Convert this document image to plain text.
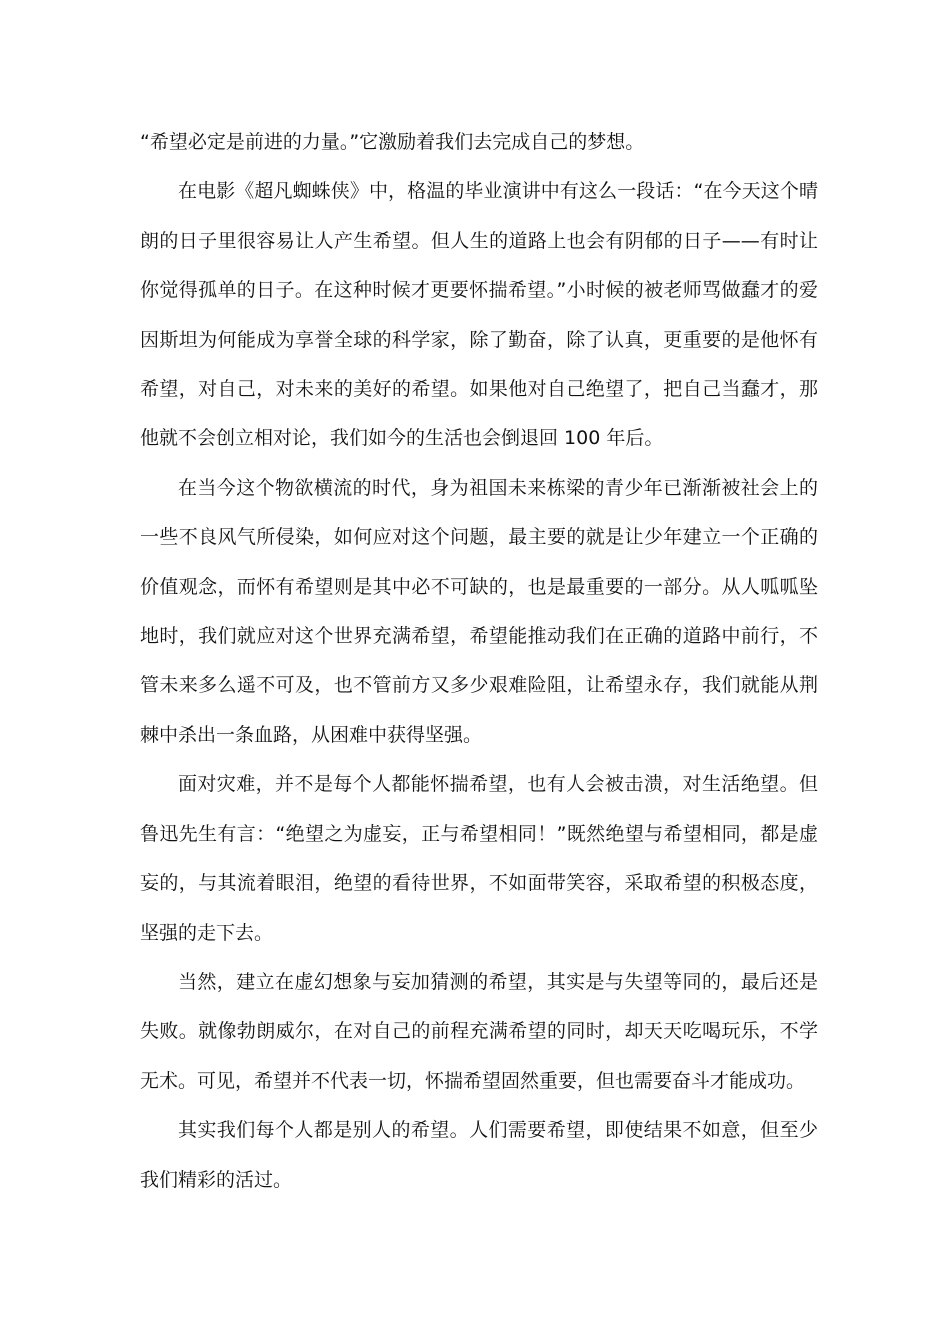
“希望必定是前进的力量。”它激励着我们去完成自己的梦想。

在电影《超凡蜘蛛侠》中，格温的毕业演讲中有这么一段话：“在今天这个晴朗的日子里很容易让人产生希望。但人生的道路上也会有阴郁的日子——有时让你觉得孤单的日子。在这种时候才更要怀揣希望。”小时候的被老师骂做蠢才的爱因斯坦为何能成为享誉全球的科学家，除了勤奋，除了认真，更重要的是他怀有希望，对自己，对未来的美好的希望。如果他对自己绝望了，把自己当蠢才，那他就不会创立相对论，我们如今的生活也会倒退回 100 年后。

在当今这个物欲横流的时代，身为祖国未来栋梁的青少年已渐渐被社会上的一些不良风气所侵染，如何应对这个问题，最主要的就是让少年建立一个正确的价值观念，而怀有希望则是其中必不可缺的，也是最重要的一部分。从人呱呱坠地时，我们就应对这个世界充满希望，希望能推动我们在正确的道路中前行，不管未来多么遥不可及，也不管前方又多少艰难险阻，让希望永存，我们就能从荆棘中杀出一条血路，从困难中获得坚强。

面对灾难，并不是每个人都能怀揣希望，也有人会被击溃，对生活绝望。但鲁迅先生有言：“绝望之为虚妄，正与希望相同！”既然绝望与希望相同，都是虚妄的，与其流着眼泪，绝望的看待世界，不如面带笑容，采取希望的积极态度，坚强的走下去。

当然，建立在虚幻想象与妄加猜测的希望，其实是与失望等同的，最后还是失败。就像勃朗威尔，在对自己的前程充满希望的同时，却天天吃喝玩乐，不学无术。可见，希望并不代表一切，怀揣希望固然重要，但也需要奋斗才能成功。

其实我们每个人都是别人的希望。人们需要希望，即使结果不如意，但至少我们精彩的活过。
